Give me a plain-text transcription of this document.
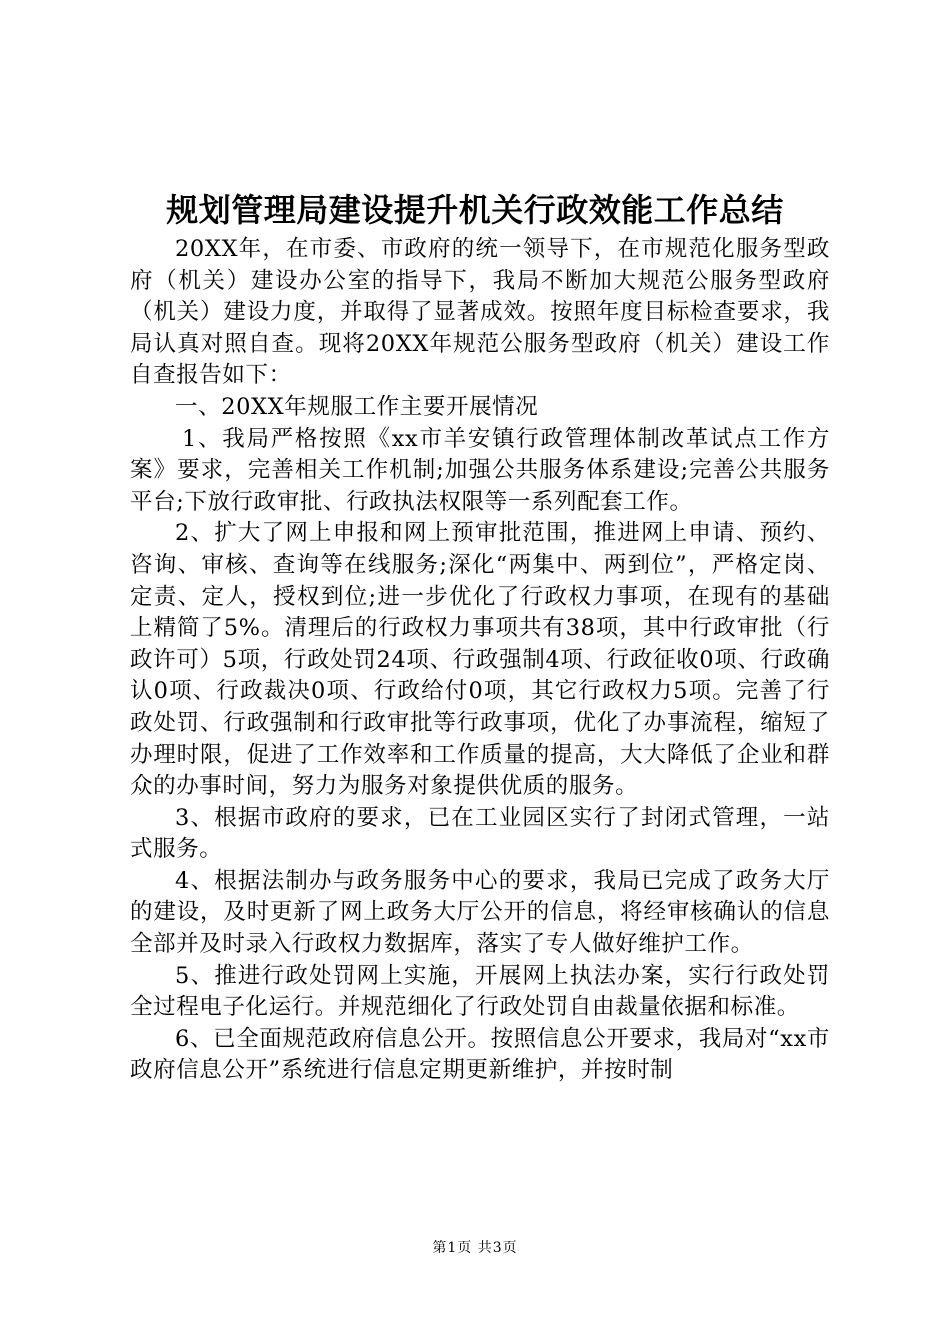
规划管理局建设提升机关行政效能工作总结

20XX年，在市委、市政府的统一领导下，在市规范化服务型政府（机关）建设办公室的指导下，我局不断加大规范公服务型政府（机关）建设力度，并取得了显著成效。按照年度目标检查要求，我局认真对照自查。现将20XX年规范公服务型政府（机关）建设工作自查报告如下：

一、20XX年规服工作主要开展情况

1、我局严格按照《xx市羊安镇行政管理体制改革试点工作方案》要求，完善相关工作机制;加强公共服务体系建设;完善公共服务平台;下放行政审批、行政执法权限等一系列配套工作。

2、扩大了网上申报和网上预审批范围，推进网上申请、预约、咨询、审核、查询等在线服务;深化“两集中、两到位”，严格定岗、定责、定人，授权到位;进一步优化了行政权力事项，在现有的基础上精简了5%。清理后的行政权力事项共有38项，其中行政审批（行政许可）5项，行政处罚24项、行政强制4项、行政征收0项、行政确认0项、行政裁决0项、行政给付0项，其它行政权力5项。完善了行政处罚、行政强制和行政审批等行政事项，优化了办事流程，缩短了办理时限，促进了工作效率和工作质量的提高，大大降低了企业和群众的办事时间，努力为服务对象提供优质的服务。

3、根据市政府的要求，已在工业园区实行了封闭式管理，一站式服务。

4、根据法制办与政务服务中心的要求，我局已完成了政务大厅的建设，及时更新了网上政务大厅公开的信息，将经审核确认的信息全部并及时录入行政权力数据库，落实了专人做好维护工作。

5、推进行政处罚网上实施，开展网上执法办案，实行行政处罚全过程电子化运行。并规范细化了行政处罚自由裁量依据和标准。

6、已全面规范政府信息公开。按照信息公开要求，我局对“xx市政府信息公开”系统进行信息定期更新维护，并按时制

第1页 共3页
